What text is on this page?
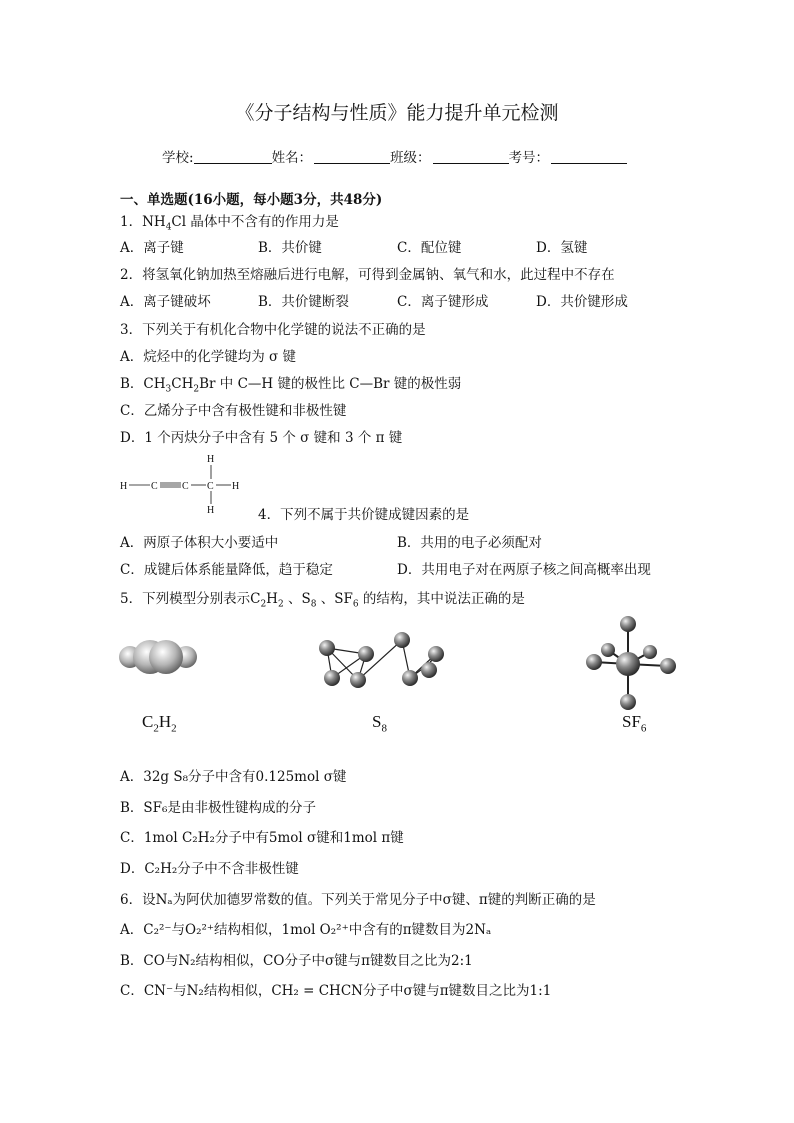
《分子结构与性质》能力提升单元检测
学校:	姓名：	班级：	考号：
一、单选题(16小题，每小题3分，共48分)
1．$NH_4Cl$ 晶体中不含有的作用力是
A．离子键	B．共价键	C．配位键	D．氢键
2．将氢氧化钠加热至熔融后进行电解，可得到金属钠、氧气和水，此过程中不存在
A．离子键破坏	B．共价键断裂	C．离子键形成	D．共价键形成
3．下列关于有机化合物中化学键的说法不正确的是
A．烷烃中的化学键均为 σ 键
B．$CH_3CH_2Br$ 中 C—H 键的极性比 C—Br 键的极性弱
C．乙烯分子中含有极性键和非极性键
D．1 个丙炔分子中含有 5 个 σ 键和 3 个 π 键
H C C C H
H
H	4．下列不属于共价键成键因素的是
A．两原子体积大小要适中	B．共用的电子必须配对
C．成键后体系能量降低，趋于稳定	D．共用电子对在两原子核之间高概率出现
5．下列模型分别表示$C_2H_2$ 、$S_8$ 、$SF_6$ 的结构，其中说法正确的是
$C_2H_2$	$S_8$	$SF_6$
A．32g S₈分子中含有0.125mol σ键
B．SF₆是由非极性键构成的分子
C．1mol C₂H₂分子中有5mol σ键和1mol π键
D．C₂H₂分子中不含非极性键
6．设Nₐ为阿伏加德罗常数的值。下列关于常见分子中σ键、π键的判断正确的是
A．C₂²⁻与O₂²⁺结构相似，1mol O₂²⁺中含有的π键数目为2Nₐ
B．CO与N₂结构相似，CO分子中σ键与π键数目之比为2:1
C．CN⁻与N₂结构相似，CH₂ = CHCN分子中σ键与π键数目之比为1:1
